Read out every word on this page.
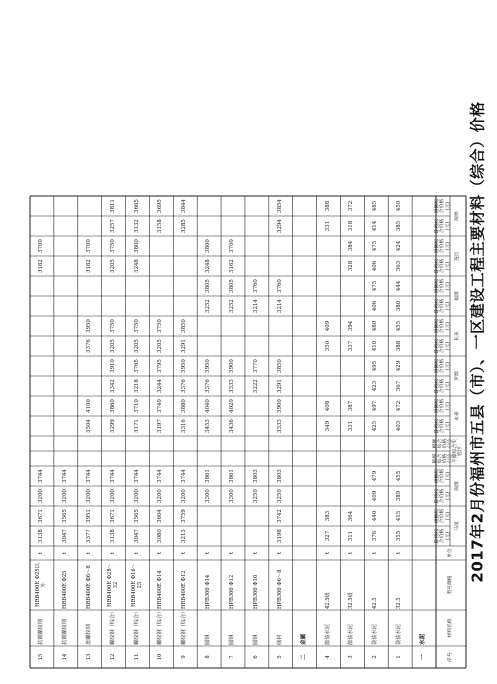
2017年2月份福州市五县（市）、一区建设工程主要材料（综合）价格
序号
材料名称
型号规格
单位
马尾
除税综合价格(元)
税额综合价格(元)
闽清
除税综合价格(元)
税额综合价格(元)
平潭综合实验区
除税综合价格(元)
税额综合价格(元)
永泰
除税综合价格(元)
税额综合价格(元)
罗源
除税综合价格(元)
税额综合价格(元)
长乐
除税综合价格(元)
税额综合价格(元)
福清
除税综合价格(元)
税额综合价格(元)
连江
除税综合价格(元)
税额综合价格(元)
闽侯
除税综合价格(元)
税额综合价格(元)
一
水泥
1
袋装水泥
32.5
t
355
415
389
455
403
472
367
429
388
455
380
444
363
424
385
450
2
袋装水泥
42.5
t
376
440
409
479
425
497
423
495
410
480
406
475
406
475
414
485
3
散装水泥
32.5级
t
311
364
331
387
337
394
328
384
318
372
4
散装水泥
42.5级
t
327
383
349
408
350
409
331
388
二
金属
5
线材
HPB300 Φ6～8
t
3198
3742
3250
3803
3333
3900
3291
3850
3214
3760
3294
3854
6
圆钢
HPB300 Φ10
t
3250
3803
3222
3770
3214
3760
7
圆钢
HPB300 Φ12
t
3300
3861
3436
4020
3333
3900
3252
3805
3162
3700
8
圆钢
HPB300 Φ14
t
3300
3861
3453
4040
3376
3950
3252
3805
3248
3800
9
螺纹钢（综合）
HRB400E Φ12
t
3213
3759
3200
3744
3316
3880
3376
3950
3291
3850
3285
3844
10
螺纹钢（综合）
HRB400E Φ14
t
3080
3604
3200
3744
3197
3740
3244
3795
3205
3750
3158
3695
11
螺纹钢（综合）
HRB400E Φ16～25
t
3047
3565
3200
3744
3171
3710
3218
3765
3205
3750
3248
3800
3132
3665
12
螺纹钢（综合）
HRB400E Φ28～32
t
3138
3671
3200
3744
3299
3860
3342
3910
3205
3750
3205
3750
3257
3811
13
盘螺纹钢
HRB400E Φ6～8
t
3377
3951
3200
3744
3504
4100
3376
3950
3162
3700
14
抗震螺纹钢
HRB400E Φ25
t
3047
3565
3200
3744
15
抗震螺纹钢
HRB400E Φ25以外
t
3138
3671
3200
3744
3162
3700
